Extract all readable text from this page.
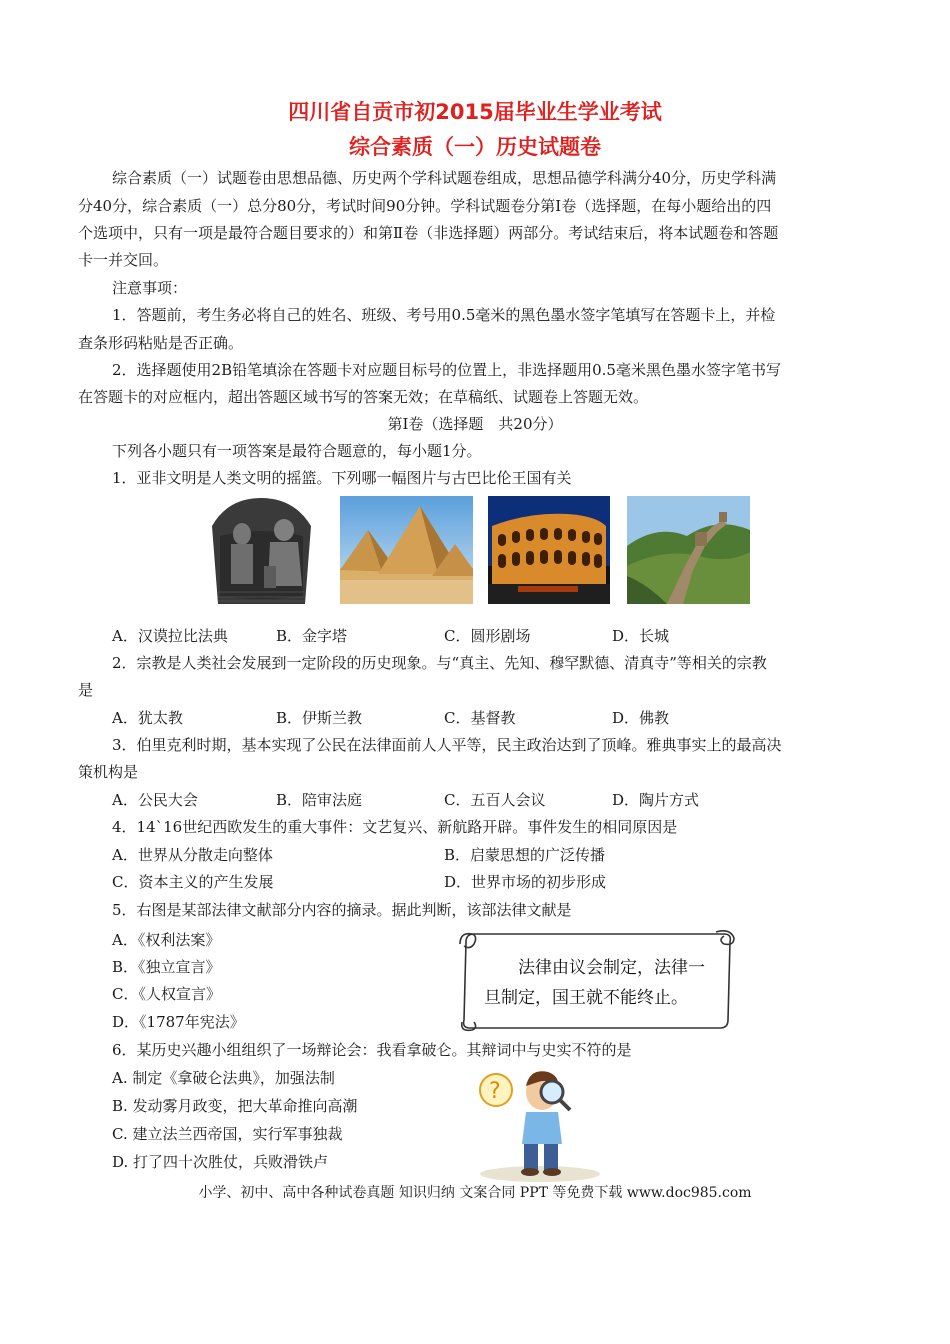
四川省自贡市初2015届毕业生学业考试
综合素质（一）历史试题卷
综合素质（一）试题卷由思想品德、历史两个学科试题卷组成，思想品德学科满分40分，历史学科满
分40分，综合素质（一）总分80分，考试时间90分钟。学科试题卷分第Ⅰ卷（选择题，在每小题给出的四
个选项中，只有一项是最符合题目要求的）和第Ⅱ卷（非选择题）两部分。考试结束后，将本试题卷和答题
卡一并交回。
注意事项：
1．答题前，考生务必将自己的姓名、班级、考号用0.5毫米的黑色墨水签字笔填写在答题卡上，并检
查条形码粘贴是否正确。
2．选择题使用2B铅笔填涂在答题卡对应题目标号的位置上，非选择题用0.5毫米黑色墨水签字笔书写
在答题卡的对应框内，超出答题区域书写的答案无效；在草稿纸、试题卷上答题无效。
第Ⅰ卷（选择题　共20分）
下列各小题只有一项答案是最符合题意的，每小题1分。
1．亚非文明是人类文明的摇篮。下列哪一幅图片与古巴比伦王国有关
A．汉谟拉比法典	B．金字塔	C．圆形剧场	D．长城
2．宗教是人类社会发展到一定阶段的历史现象。与“真主、先知、穆罕默德、清真寺”等相关的宗教
是
A．犹太教	B．伊斯兰教	C．基督教	D．佛教
3．伯里克利时期，基本实现了公民在法律面前人人平等，民主政治达到了顶峰。雅典事实上的最高决
策机构是
A．公民大会	B．陪审法庭	C．五百人会议	D．陶片方式
4．14`16世纪西欧发生的重大事件：文艺复兴、新航路开辟。事件发生的相同原因是
A．世界从分散走向整体	B．启蒙思想的广泛传播
C．资本主义的产生发展	D．世界市场的初步形成
5．右图是某部法律文献部分内容的摘录。据此判断，该部法律文献是
A．《权利法案》
B．《独立宣言》
C．《人权宣言》
D．《1787年宪法》
法律由议会制定，法律一
旦制定，国王就不能终止。
6．某历史兴趣小组组织了一场辩论会：我看拿破仑。其辩词中与史实不符的是
A. 制定《拿破仑法典》，加强法制
B. 发动雾月政变，把大革命推向高潮
C. 建立法兰西帝国，实行军事独裁
D. 打了四十次胜仗，兵败滑铁卢
?
小学、初中、高中各种试卷真题 知识归纳 文案合同 PPT 等免费下载 www.doc985.com
